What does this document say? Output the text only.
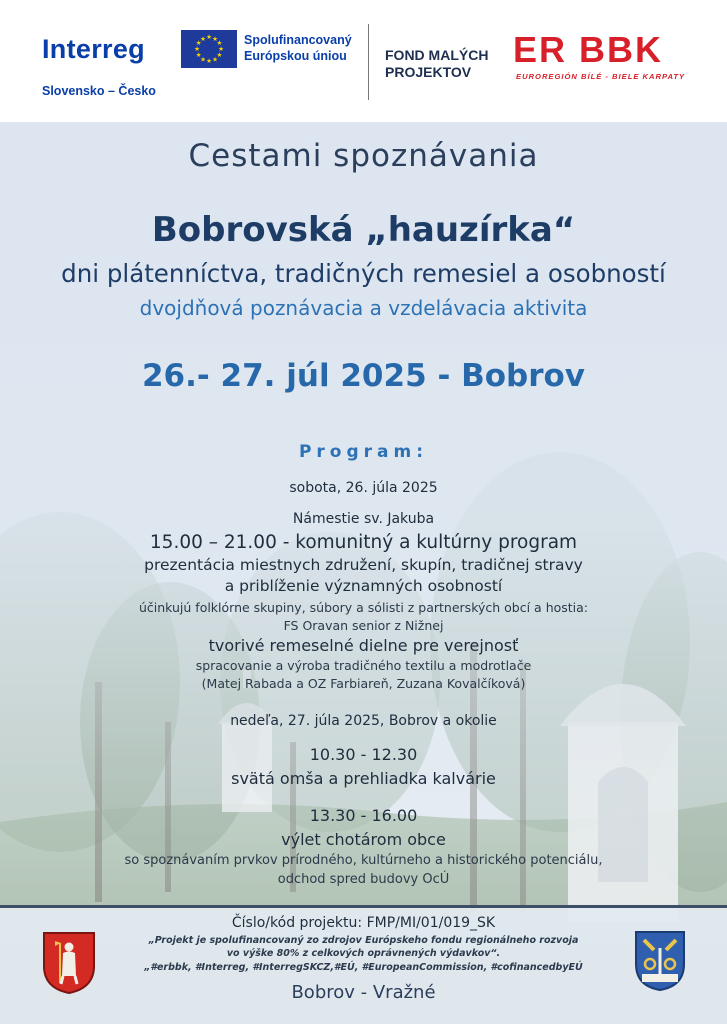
Interreg
Slovensko – Česko
★ ★
★
★
★
★
★
★
★
★
★
★	Spolufinancovaný
Európskou úniou	FOND MALÝCH
PROJEKTOV
ER BBK
EUROREGIÓN BÍLÉ - BIELE KARPATY
Cestami spoznávania
Bobrovská „hauzírka“
dni plátenníctva, tradičných remesiel a osobností
dvojdňová poznávacia a vzdelávacia aktivita
26.- 27. júl 2025 - Bobrov
Program:
sobota, 26. júla 2025
Námestie sv. Jakuba
15.00 – 21.00 - komunitný a kultúrny program
prezentácia miestnych združení, skupín, tradičnej stravy
a priblíženie významných osobností
účinkujú folklórne skupiny, súbory a sólisti z partnerských obcí a hostia:
FS Oravan senior z Nižnej
tvorivé remeselné dielne pre verejnosť
spracovanie a výroba tradičného textilu a modrotlače
(Matej Rabada a OZ Farbiareň, Zuzana Kovalčíková)
nedeľa, 27. júla 2025, Bobrov a okolie
10.30 - 12.30
svätá omša a prehliadka kalvárie
13.30 - 16.00
výlet chotárom obce
so spoznávaním prvkov prírodného, kultúrneho a historického potenciálu,
odchod spred budovy OcÚ
Číslo/kód projektu: FMP/MI/01/019_SK
„Projekt je spolufinancovaný zo zdrojov Európskeho fondu regionálneho rozvoja
vo výške 80% z celkových oprávnených výdavkov“.
„#erbbk, #Interreg, #InterregSKCZ,#EÚ, #EuropeanCommission, #cofinancedbyEÚ
Bobrov - Vražné
